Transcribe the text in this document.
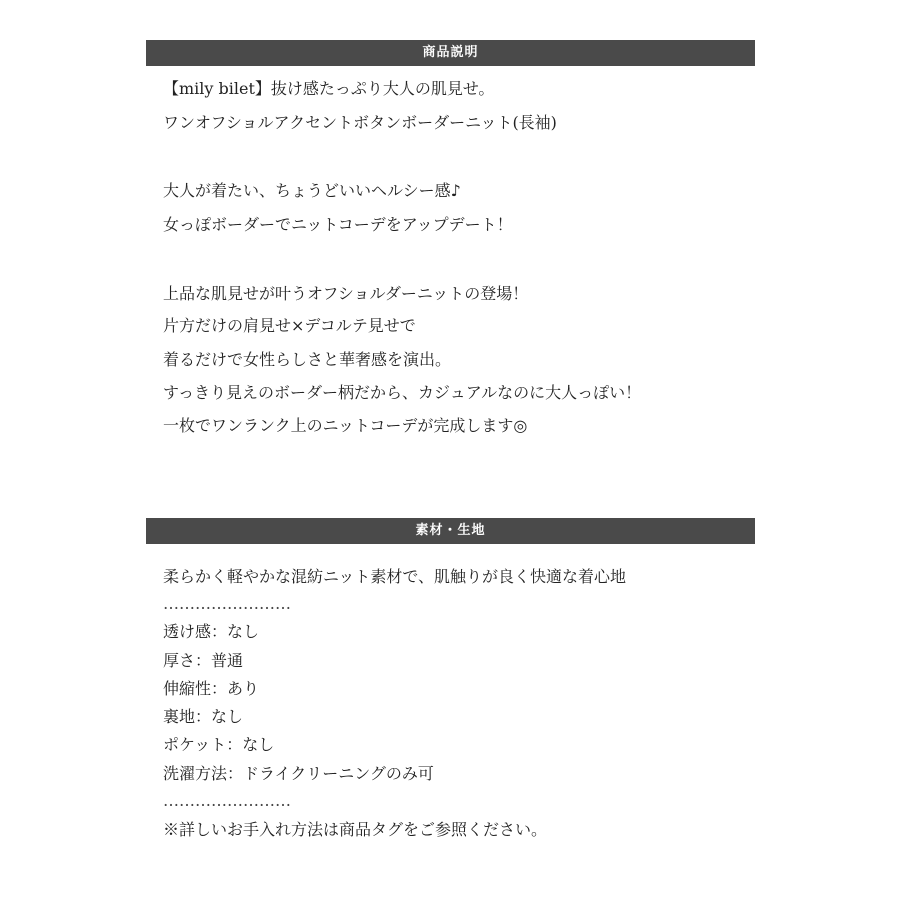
商品説明
【mily bilet】抜け感たっぷり大人の肌見せ。
ワンオフショルアクセントボタンボーダーニット(長袖)
大人が着たい、ちょうどいいヘルシー感♪
女っぽボーダーでニットコーデをアップデート！
上品な肌見せが叶うオフショルダーニットの登場！
片方だけの肩見せ×デコルテ見せで
着るだけで女性らしさと華奢感を演出。
すっきり見えのボーダー柄だから、カジュアルなのに大人っぽい！
一枚でワンランク上のニットコーデが完成します◎
素材・生地
柔らかく軽やかな混紡ニット素材で、肌触りが良く快適な着心地
……………………
透け感：なし
厚さ：普通
伸縮性：あり
裏地：なし
ポケット：なし
洗濯方法：ドライクリーニングのみ可
……………………
※詳しいお手入れ方法は商品タグをご参照ください。
